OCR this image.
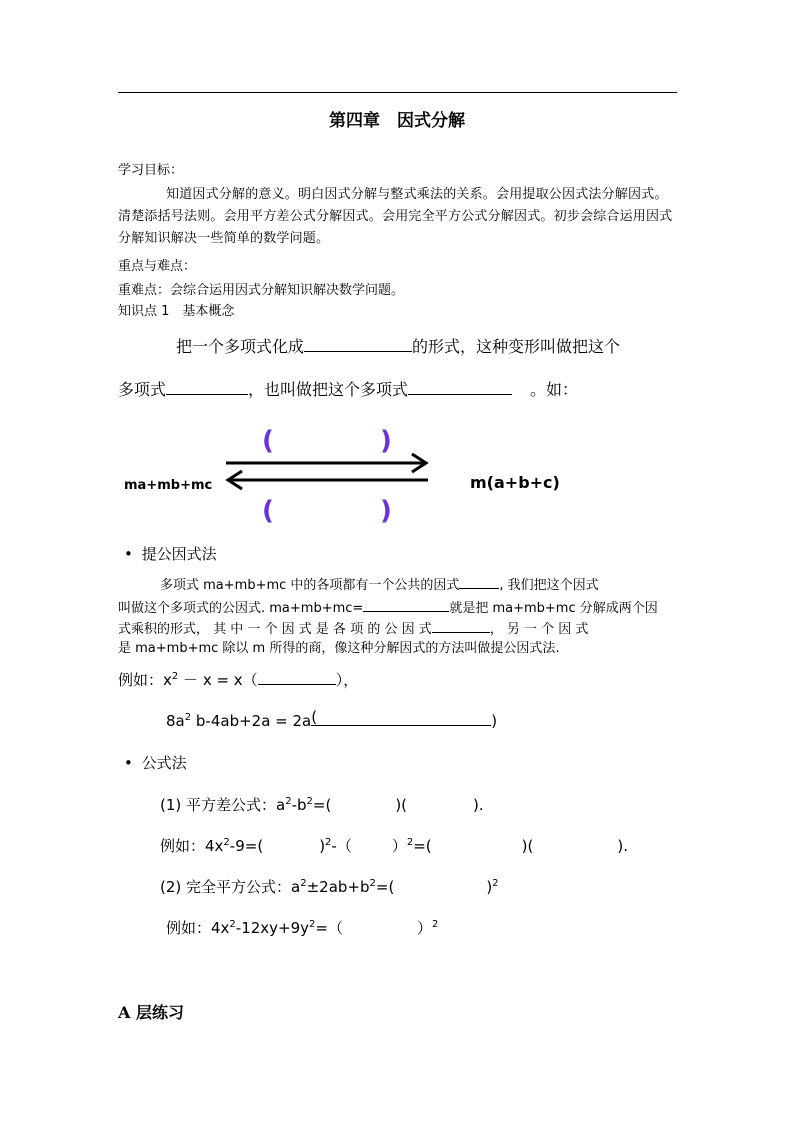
第四章　因式分解
学习目标：
知道因式分解的意义。明白因式分解与整式乘法的关系。会用提取公因式法分解因式。清楚添括号法则。会用平方差公式分解因式。会用完全平方公式分解因式。初步会综合运用因式分解知识解决一些简单的数学问题。
重点与难点：
重难点：会综合运用因式分解知识解决数学问题。
知识点 1　基本概念
把一个多项式化成	的形式，这种变形叫做把这个
多项式	，也叫做把这个多项式	。如：
(	)
ma+mb+mc	m(a+b+c)
(	)
• 提公因式法
多项式 ma+mb+mc 中的各项都有一个公共的因式	, 我们把这个因式
叫做这个多项式的公因式. ma+mb+mc=	就是把 ma+mb+mc 分解成两个因
式乘积的形式， 其 中 一 个 因 式 是 各 项 的 公 因 式	， 另 一 个 因 式
是 ma+mb+mc 除以 m 所得的商，像这种分解因式的方法叫做提公因式法.
例如：$x^2 - x = x$（	），
$8a^2$ b-4ab+2a = 2a (	)
• 公式法
(1) 平方差公式：$a^2-b^2=$(	)(	).
例如：$4x^2-9=$(	)$^2$-（	）$^2$=(	)(	).
(2) 完全平方公式：$a^2\pm 2ab+b^2=$(	)$^2$
例如：$4x^2-12xy+9y^2=$（	）$^2$
A 层练习
